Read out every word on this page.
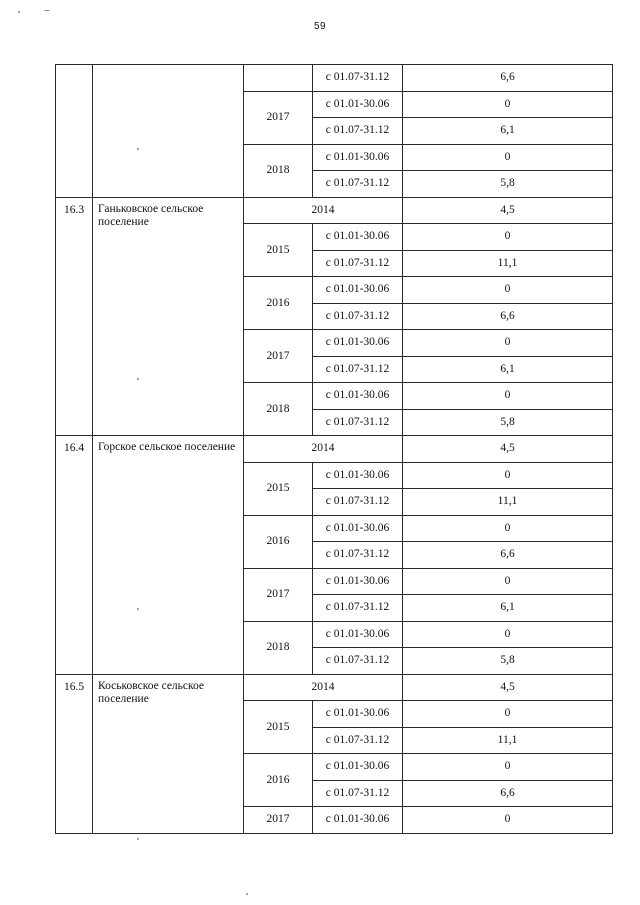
59
			с 01.07-31.12	6,6
		2017	с 01.01-30.06	0
			с 01.07-31.12	6,1
		2018	с 01.01-30.06	0
			с 01.07-31.12	5,8
16.3	Ганьковское сельское поселение	2014		4,5
		2015	с 01.01-30.06	0
			с 01.07-31.12	11,1
		2016	с 01.01-30.06	0
			с 01.07-31.12	6,6
		2017	с 01.01-30.06	0
			с 01.07-31.12	6,1
		2018	с 01.01-30.06	0
			с 01.07-31.12	5,8
16.4	Горское сельское поселение	2014		4,5
		2015	с 01.01-30.06	0
			с 01.07-31.12	11,1
		2016	с 01.01-30.06	0
			с 01.07-31.12	6,6
		2017	с 01.01-30.06	0
			с 01.07-31.12	6,1
		2018	с 01.01-30.06	0
			с 01.07-31.12	5,8
16.5	Коськовское сельское поселение	2014		4,5
		2015	с 01.01-30.06	0
			с 01.07-31.12	11,1
		2016	с 01.01-30.06	0
			с 01.07-31.12	6,6
		2017	с 01.01-30.06	0
